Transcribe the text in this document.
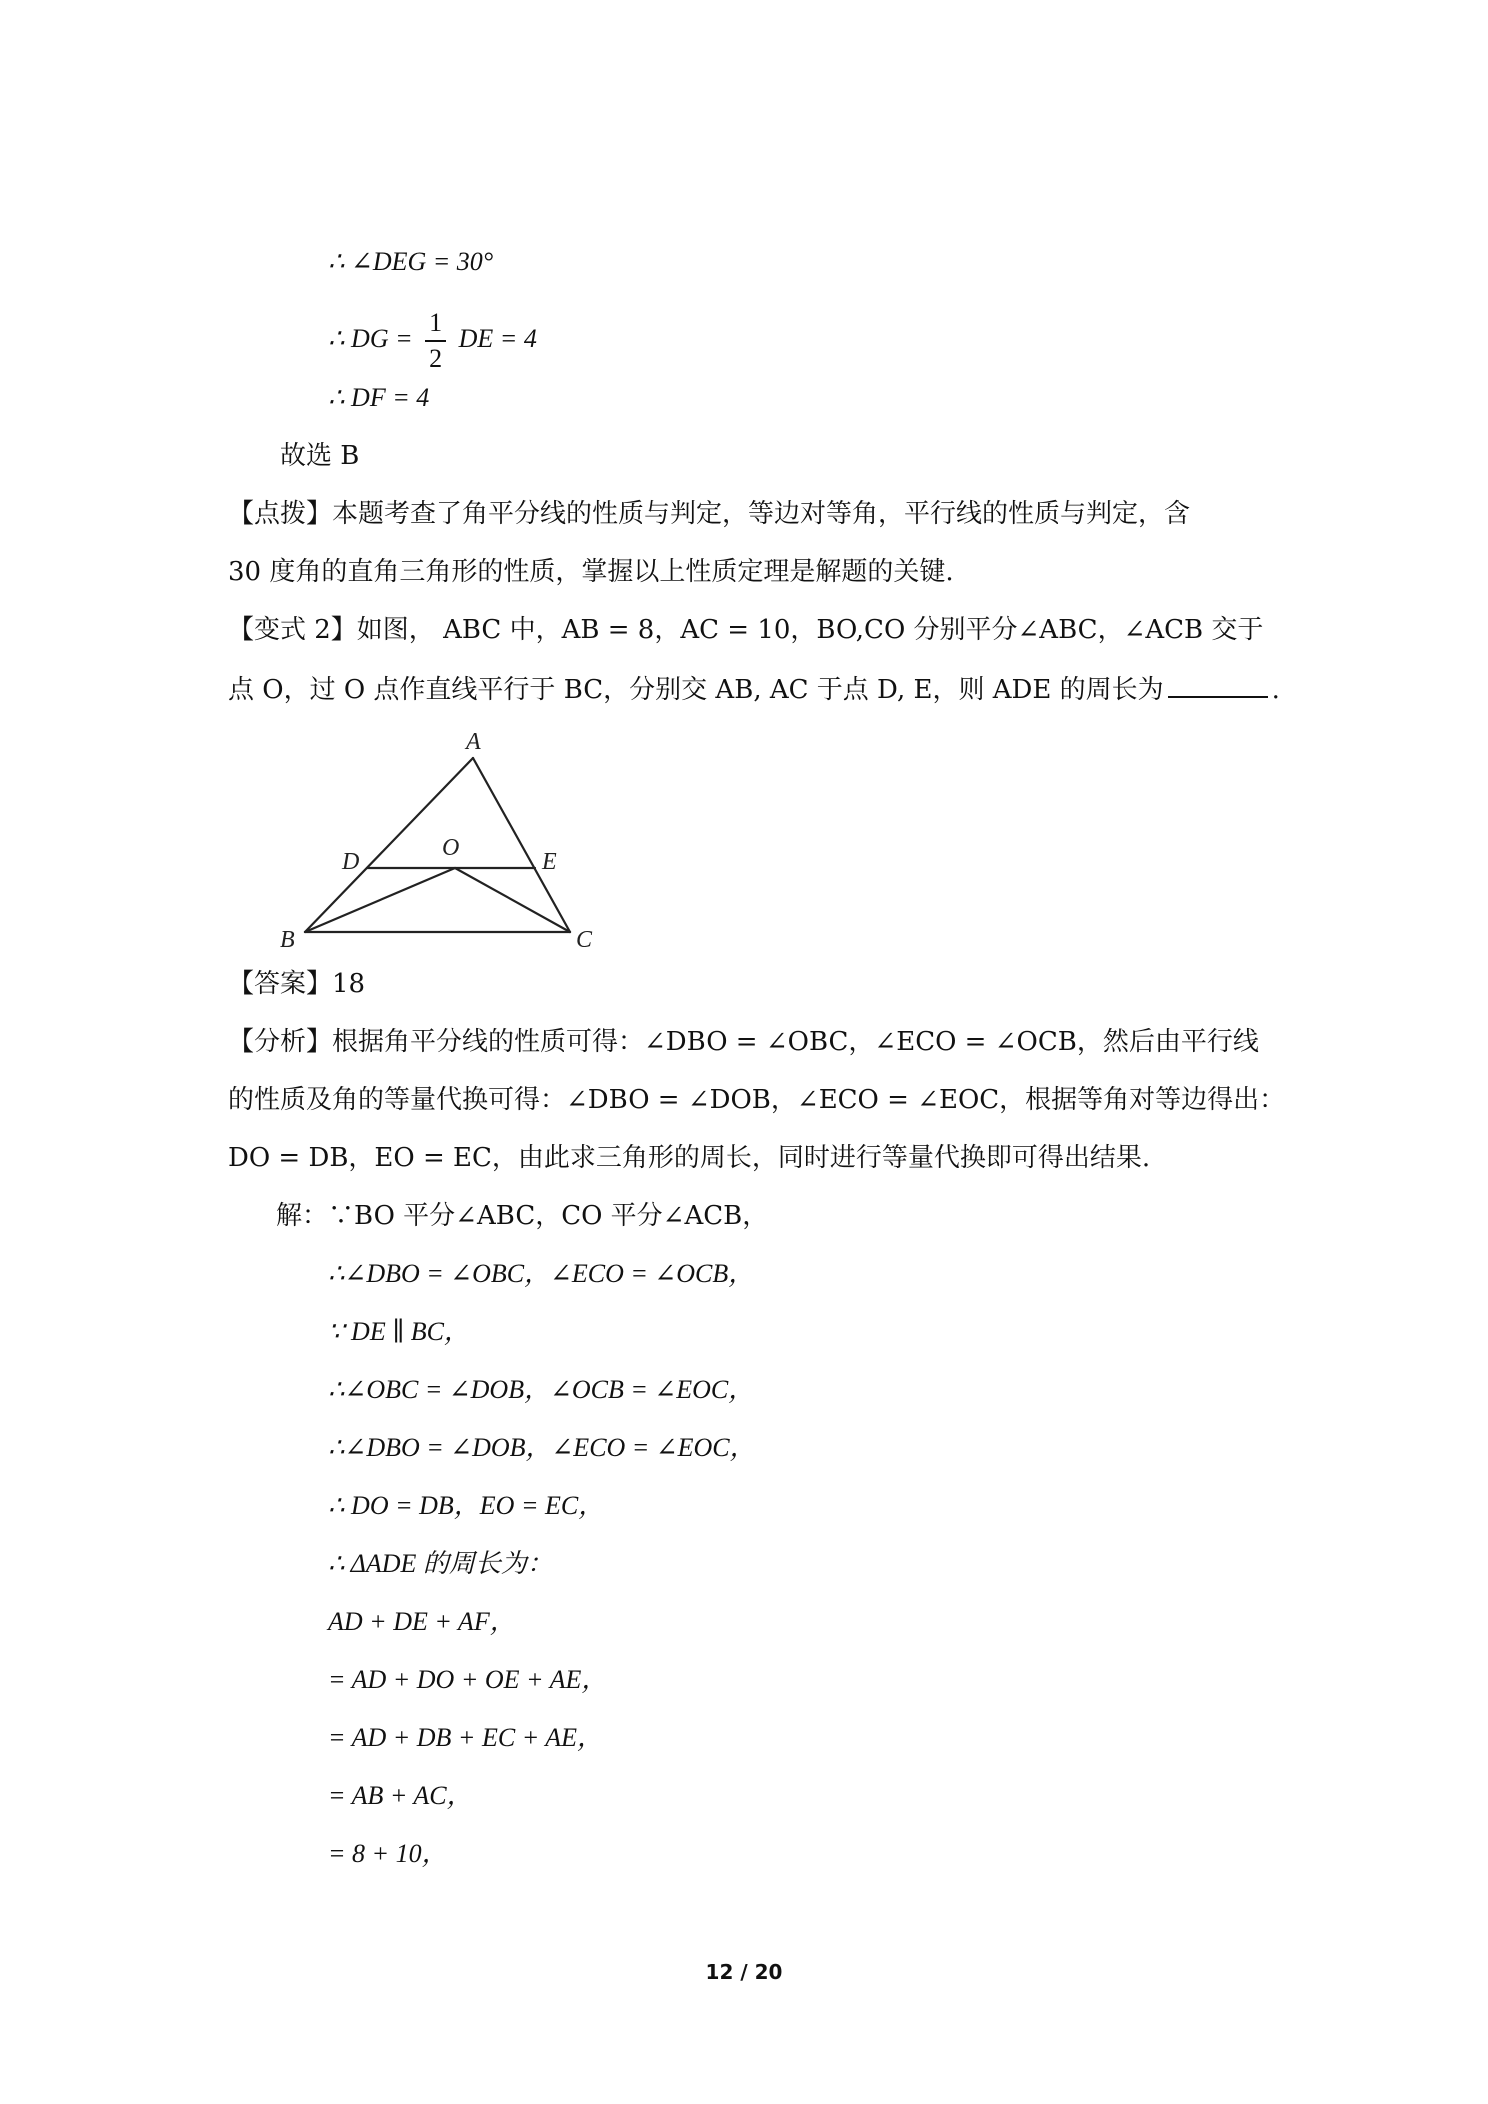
∴ ∠DEG = 30°
∴ DG = $\frac{1}{2}$ DE = 4
∴ DF = 4
故选 B
【点拨】本题考查了角平分线的性质与判定，等边对等角，平行线的性质与判定，含
30 度角的直角三角形的性质，掌握以上性质定理是解题的关键.
【变式 2】如图， ABC 中，AB = 8，AC = 10，BO,CO 分别平分∠ABC，∠ACB 交于
点 O，过 O 点作直线平行于 BC，分别交 AB, AC 于点 D, E，则 ADE 的周长为	.
A
D
O
E
B	C
【答案】18
【分析】根据角平分线的性质可得：∠DBO = ∠OBC，∠ECO = ∠OCB，然后由平行线
的性质及角的等量代换可得：∠DBO = ∠DOB，∠ECO = ∠EOC，根据等角对等边得出：
DO = DB，EO = EC，由此求三角形的周长，同时进行等量代换即可得出结果.
解：∵BO 平分∠ABC，CO 平分∠ACB，
∴∠DBO = ∠OBC，∠ECO = ∠OCB，
∵ DE ∥ BC，
∴∠OBC = ∠DOB，∠OCB = ∠EOC，
∴∠DBO = ∠DOB，∠ECO = ∠EOC，
∴ DO = DB，EO = EC，
∴ ΔADE 的周长为：
AD + DE + AF，
= AD + DO + OE + AE，
= AD + DB + EC + AE，
= AB + AC，
= 8 + 10，
12 / 20
